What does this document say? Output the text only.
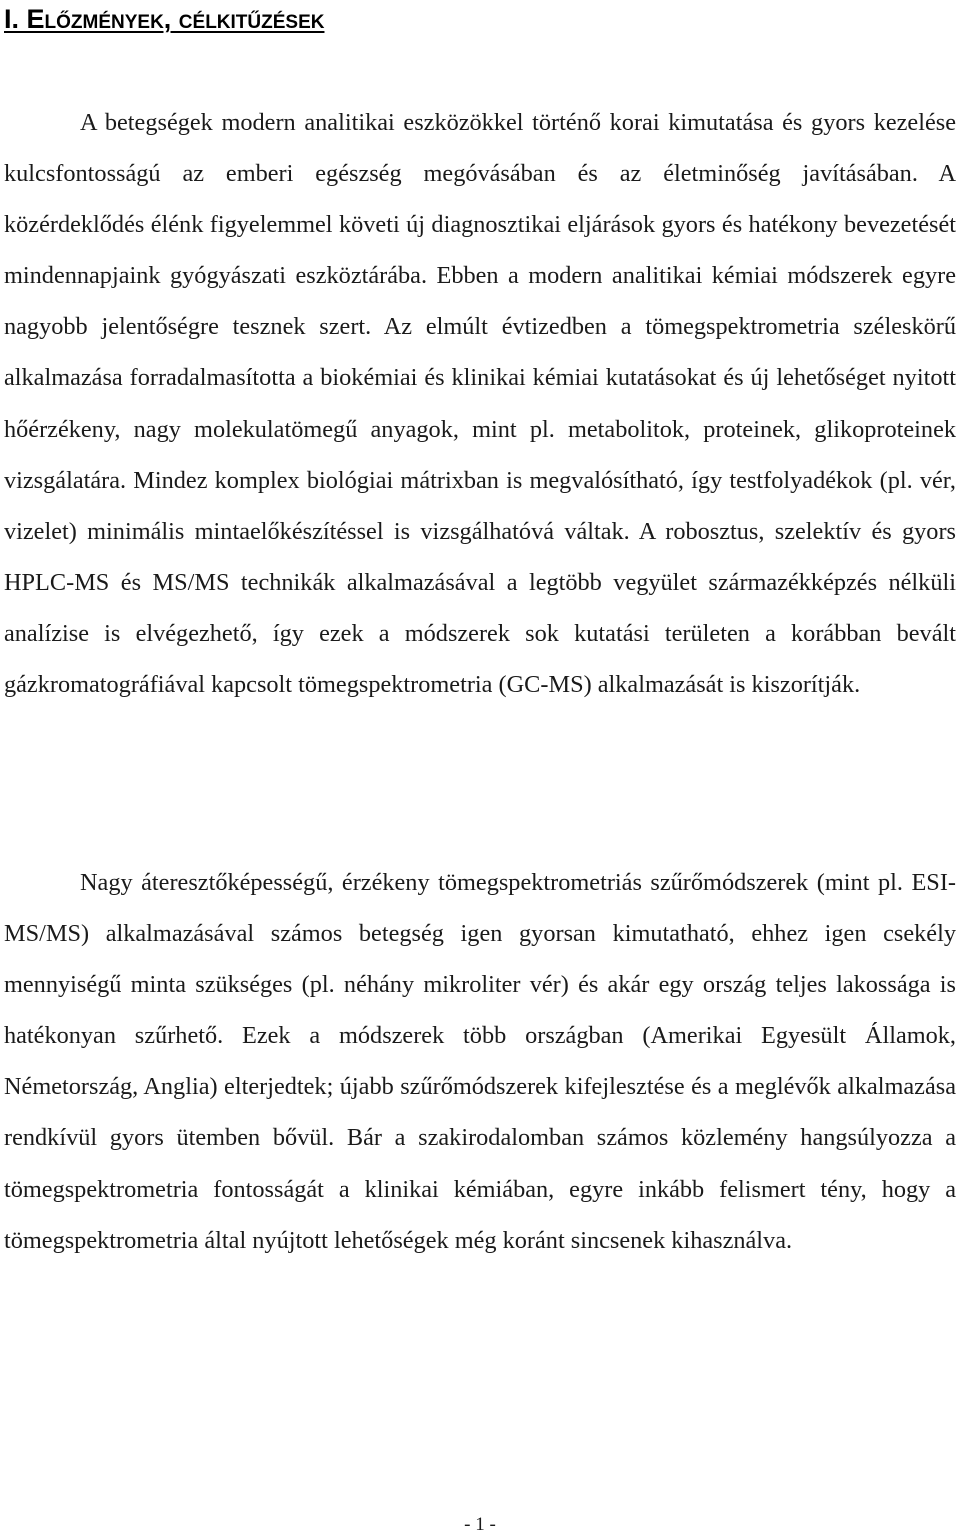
I. Előzmények, célkitűzések

A betegségek modern analitikai eszközökkel történő korai kimutatása és gyors kezelése kulcsfontosságú az emberi egészség megóvásában és az életminőség javításában. A közérdeklődés élénk figyelemmel követi új diagnosztikai eljárások gyors és hatékony bevezetését mindennapjaink gyógyászati eszköztárába. Ebben a modern analitikai kémiai módszerek egyre nagyobb jelentőségre tesznek szert. Az elmúlt évtizedben a tömegspektrometria széleskörű alkalmazása forradalmasította a biokémiai és klinikai kémiai kutatásokat és új lehetőséget nyitott hőérzékeny, nagy molekulatömegű anyagok, mint pl. metabolitok, proteinek, glikoproteinek vizsgálatára. Mindez komplex biológiai mátrixban is megvalósítható, így testfolyadékok (pl. vér, vizelet) minimális mintaelőkészítéssel is vizsgálhatóvá váltak. A robosztus, szelektív és gyors HPLC-MS és MS/MS technikák alkalmazásával a legtöbb vegyület származékképzés nélküli analízise is elvégezhető, így ezek a módszerek sok kutatási területen a korábban bevált gázkromatográfiával kapcsolt tömegspektrometria (GC-MS) alkalmazását is kiszorítják.

Nagy áteresztőképességű, érzékeny tömegspektrometriás szűrőmódszerek (mint pl. ESI-MS/MS) alkalmazásával számos betegség igen gyorsan kimutatható, ehhez igen csekély mennyiségű minta szükséges (pl. néhány mikroliter vér) és akár egy ország teljes lakossága is hatékonyan szűrhető. Ezek a módszerek több országban (Amerikai Egyesült Államok, Németország, Anglia) elterjedtek; újabb szűrőmódszerek kifejlesztése és a meglévők alkalmazása rendkívül gyors ütemben bővül. Bár a szakirodalomban számos közlemény hangsúlyozza a tömegspektrometria fontosságát a klinikai kémiában, egyre inkább felismert tény, hogy a tömegspektrometria által nyújtott lehetőségek még koránt sincsenek kihasználva.

- 1 -
